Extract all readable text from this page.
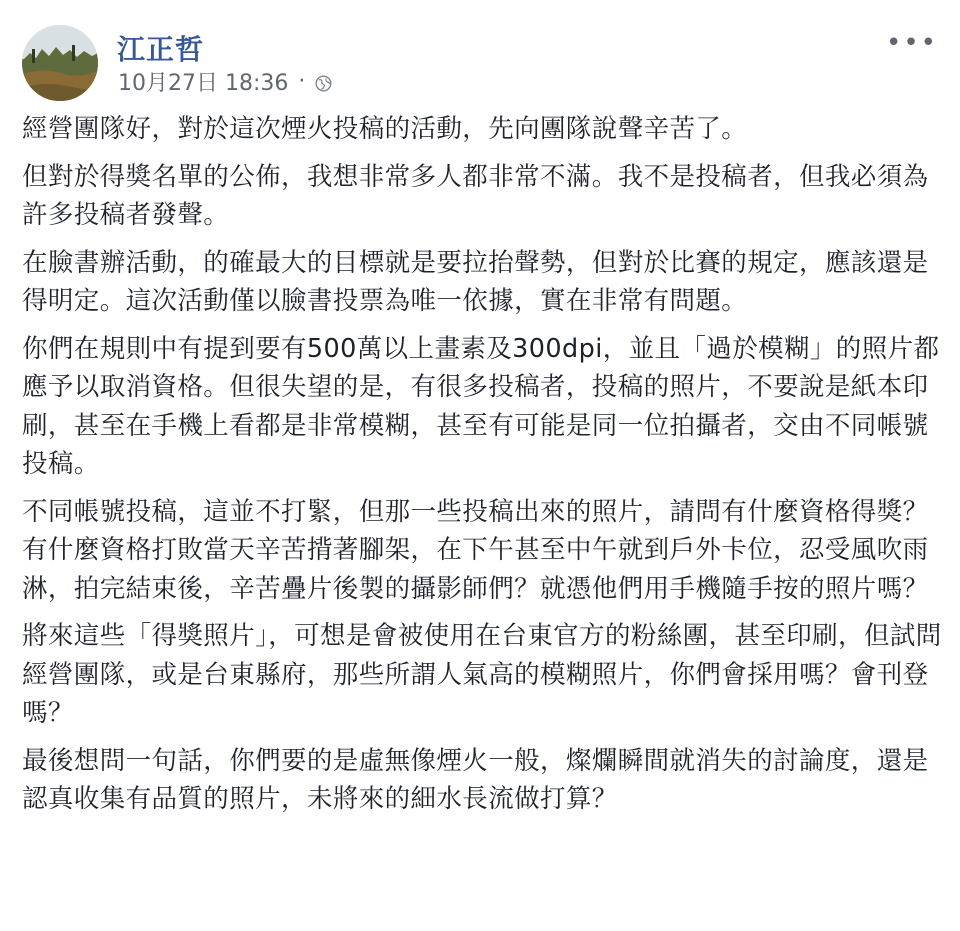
江正哲
10月27日 18:36 ·
•••

經營團隊好，對於這次煙火投稿的活動，先向團隊說聲辛苦了。

但對於得獎名單的公佈，我想非常多人都非常不滿。我不是投稿者，但我必須為許多投稿者發聲。

在臉書辦活動，的確最大的目標就是要拉抬聲勢，但對於比賽的規定，應該還是得明定。這次活動僅以臉書投票為唯一依據，實在非常有問題。

你們在規則中有提到要有500萬以上畫素及300dpi，並且「過於模糊」的照片都應予以取消資格。但很失望的是，有很多投稿者，投稿的照片，不要說是紙本印刷，甚至在手機上看都是非常模糊，甚至有可能是同一位拍攝者，交由不同帳號投稿。

不同帳號投稿，這並不打緊，但那一些投稿出來的照片，請問有什麼資格得獎？有什麼資格打敗當天辛苦揹著腳架，在下午甚至中午就到戶外卡位，忍受風吹雨淋，拍完結束後，辛苦疊片後製的攝影師們？就憑他們用手機隨手按的照片嗎？

將來這些「得獎照片」，可想是會被使用在台東官方的粉絲團，甚至印刷，但試問經營團隊，或是台東縣府，那些所謂人氣高的模糊照片，你們會採用嗎？會刊登嗎？

最後想問一句話，你們要的是虛無像煙火一般，燦爛瞬間就消失的討論度，還是認真收集有品質的照片，未將來的細水長流做打算？
